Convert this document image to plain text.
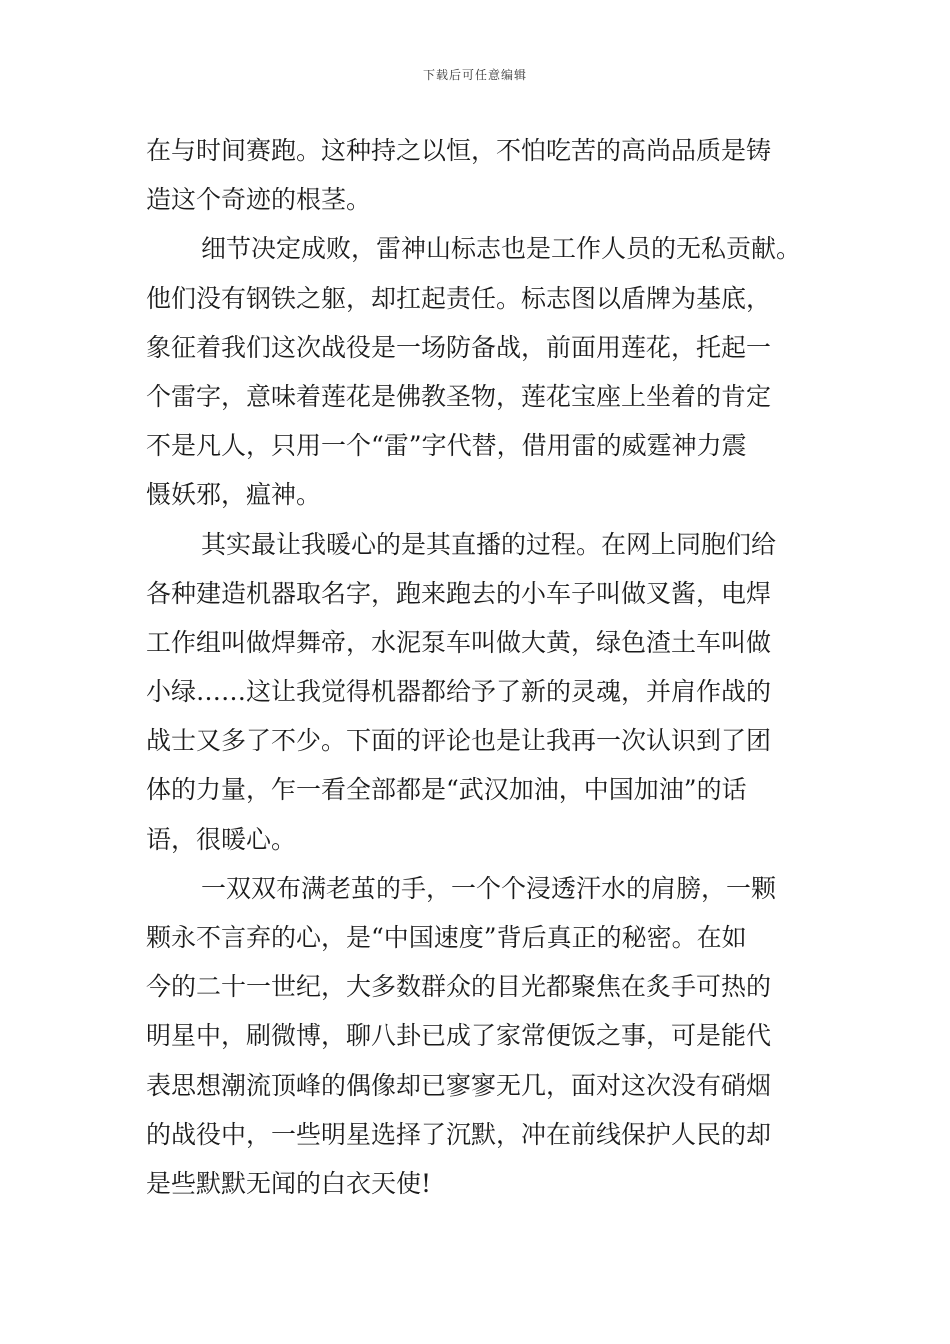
下载后可任意编辑
在与时间赛跑。这种持之以恒，不怕吃苦的高尚品质是铸
造这个奇迹的根茎。
细节决定成败，雷神山标志也是工作人员的无私贡献。
他们没有钢铁之躯，却扛起责任。标志图以盾牌为基底，
象征着我们这次战役是一场防备战，前面用莲花，托起一
个雷字，意味着莲花是佛教圣物，莲花宝座上坐着的肯定
不是凡人，只用一个“雷”字代替，借用雷的威霆神力震
慑妖邪，瘟神。
其实最让我暖心的是其直播的过程。在网上同胞们给
各种建造机器取名字，跑来跑去的小车子叫做叉酱，电焊
工作组叫做焊舞帝，水泥泵车叫做大黄，绿色渣土车叫做
小绿……这让我觉得机器都给予了新的灵魂，并肩作战的
战士又多了不少。下面的评论也是让我再一次认识到了团
体的力量，乍一看全部都是“武汉加油，中国加油”的话
语，很暖心。
一双双布满老茧的手，一个个浸透汗水的肩膀，一颗
颗永不言弃的心，是“中国速度”背后真正的秘密。在如
今的二十一世纪，大多数群众的目光都聚焦在炙手可热的
明星中，刷微博，聊八卦已成了家常便饭之事，可是能代
表思想潮流顶峰的偶像却已寥寥无几，面对这次没有硝烟
的战役中，一些明星选择了沉默，冲在前线保护人民的却
是些默默无闻的白衣天使!
